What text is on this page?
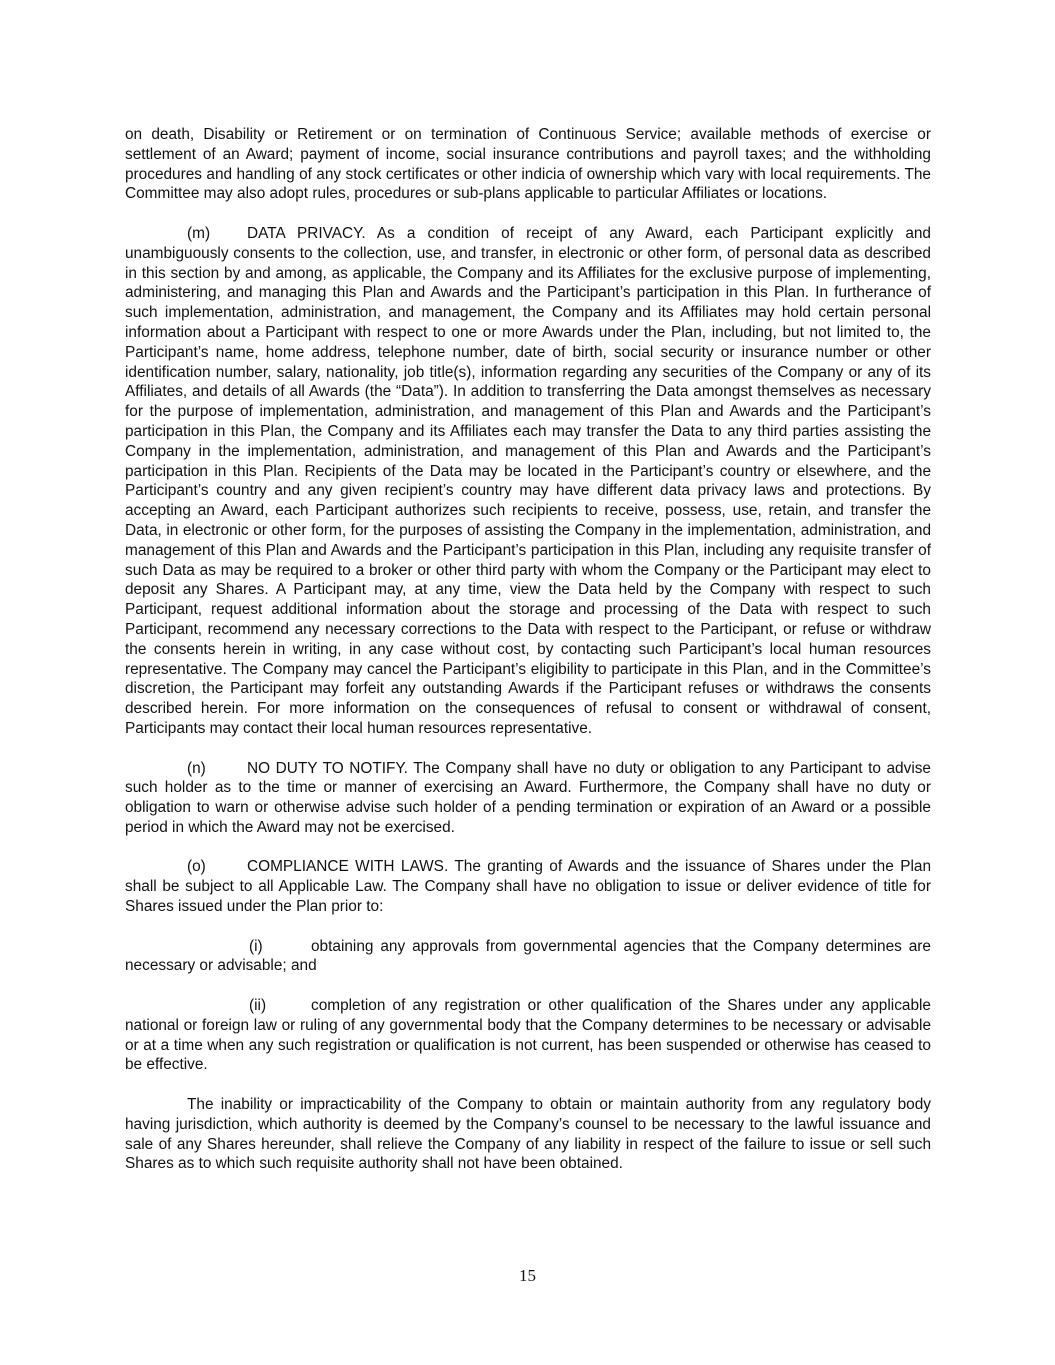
on death, Disability or Retirement or on termination of Continuous Service; available methods of exercise or settlement of an Award; payment of income, social insurance contributions and payroll taxes; and the withholding procedures and handling of any stock certificates or other indicia of ownership which vary with local requirements. The Committee may also adopt rules, procedures or sub-plans applicable to particular Affiliates or locations.

(m) DATA PRIVACY. As a condition of receipt of any Award, each Participant explicitly and unambiguously consents to the collection, use, and transfer, in electronic or other form, of personal data as described in this section by and among, as applicable, the Company and its Affiliates for the exclusive purpose of implementing, administering, and managing this Plan and Awards and the Participant’s participation in this Plan. In furtherance of such implementation, administration, and management, the Company and its Affiliates may hold certain personal information about a Participant with respect to one or more Awards under the Plan, including, but not limited to, the Participant’s name, home address, telephone number, date of birth, social security or insurance number or other identification number, salary, nationality, job title(s), information regarding any securities of the Company or any of its Affiliates, and details of all Awards (the “Data”). In addition to transferring the Data amongst themselves as necessary for the purpose of implementation, administration, and management of this Plan and Awards and the Participant’s participation in this Plan, the Company and its Affiliates each may transfer the Data to any third parties assisting the Company in the implementation, administration, and management of this Plan and Awards and the Participant’s participation in this Plan. Recipients of the Data may be located in the Participant’s country or elsewhere, and the Participant’s country and any given recipient’s country may have different data privacy laws and protections. By accepting an Award, each Participant authorizes such recipients to receive, possess, use, retain, and transfer the Data, in electronic or other form, for the purposes of assisting the Company in the implementation, administration, and management of this Plan and Awards and the Participant’s participation in this Plan, including any requisite transfer of such Data as may be required to a broker or other third party with whom the Company or the Participant may elect to deposit any Shares. A Participant may, at any time, view the Data held by the Company with respect to such Participant, request additional information about the storage and processing of the Data with respect to such Participant, recommend any necessary corrections to the Data with respect to the Participant, or refuse or withdraw the consents herein in writing, in any case without cost, by contacting such Participant’s local human resources representative. The Company may cancel the Participant’s eligibility to participate in this Plan, and in the Committee’s discretion, the Participant may forfeit any outstanding Awards if the Participant refuses or withdraws the consents described herein. For more information on the consequences of refusal to consent or withdrawal of consent, Participants may contact their local human resources representative.

(n)	NO DUTY TO NOTIFY. The Company shall have no duty or obligation to any Participant to advise such holder as to the time or manner of exercising an Award. Furthermore, the Company shall have no duty or obligation to warn or otherwise advise such holder of a pending termination or expiration of an Award or a possible period in which the Award may not be exercised.

(o)	COMPLIANCE WITH LAWS. The granting of Awards and the issuance of Shares under the Plan shall be subject to all Applicable Law. The Company shall have no obligation to issue or deliver evidence of title for Shares issued under the Plan prior to:

(i)	obtaining any approvals from governmental agencies that the Company determines are necessary or advisable; and

(ii)	completion of any registration or other qualification of the Shares under any applicable national or foreign law or ruling of any governmental body that the Company determines to be necessary or advisable or at a time when any such registration or qualification is not current, has been suspended or otherwise has ceased to be effective.

The inability or impracticability of the Company to obtain or maintain authority from any regulatory body having jurisdiction, which authority is deemed by the Company’s counsel to be necessary to the lawful issuance and sale of any Shares hereunder, shall relieve the Company of any liability in respect of the failure to issue or sell such Shares as to which such requisite authority shall not have been obtained.

15
